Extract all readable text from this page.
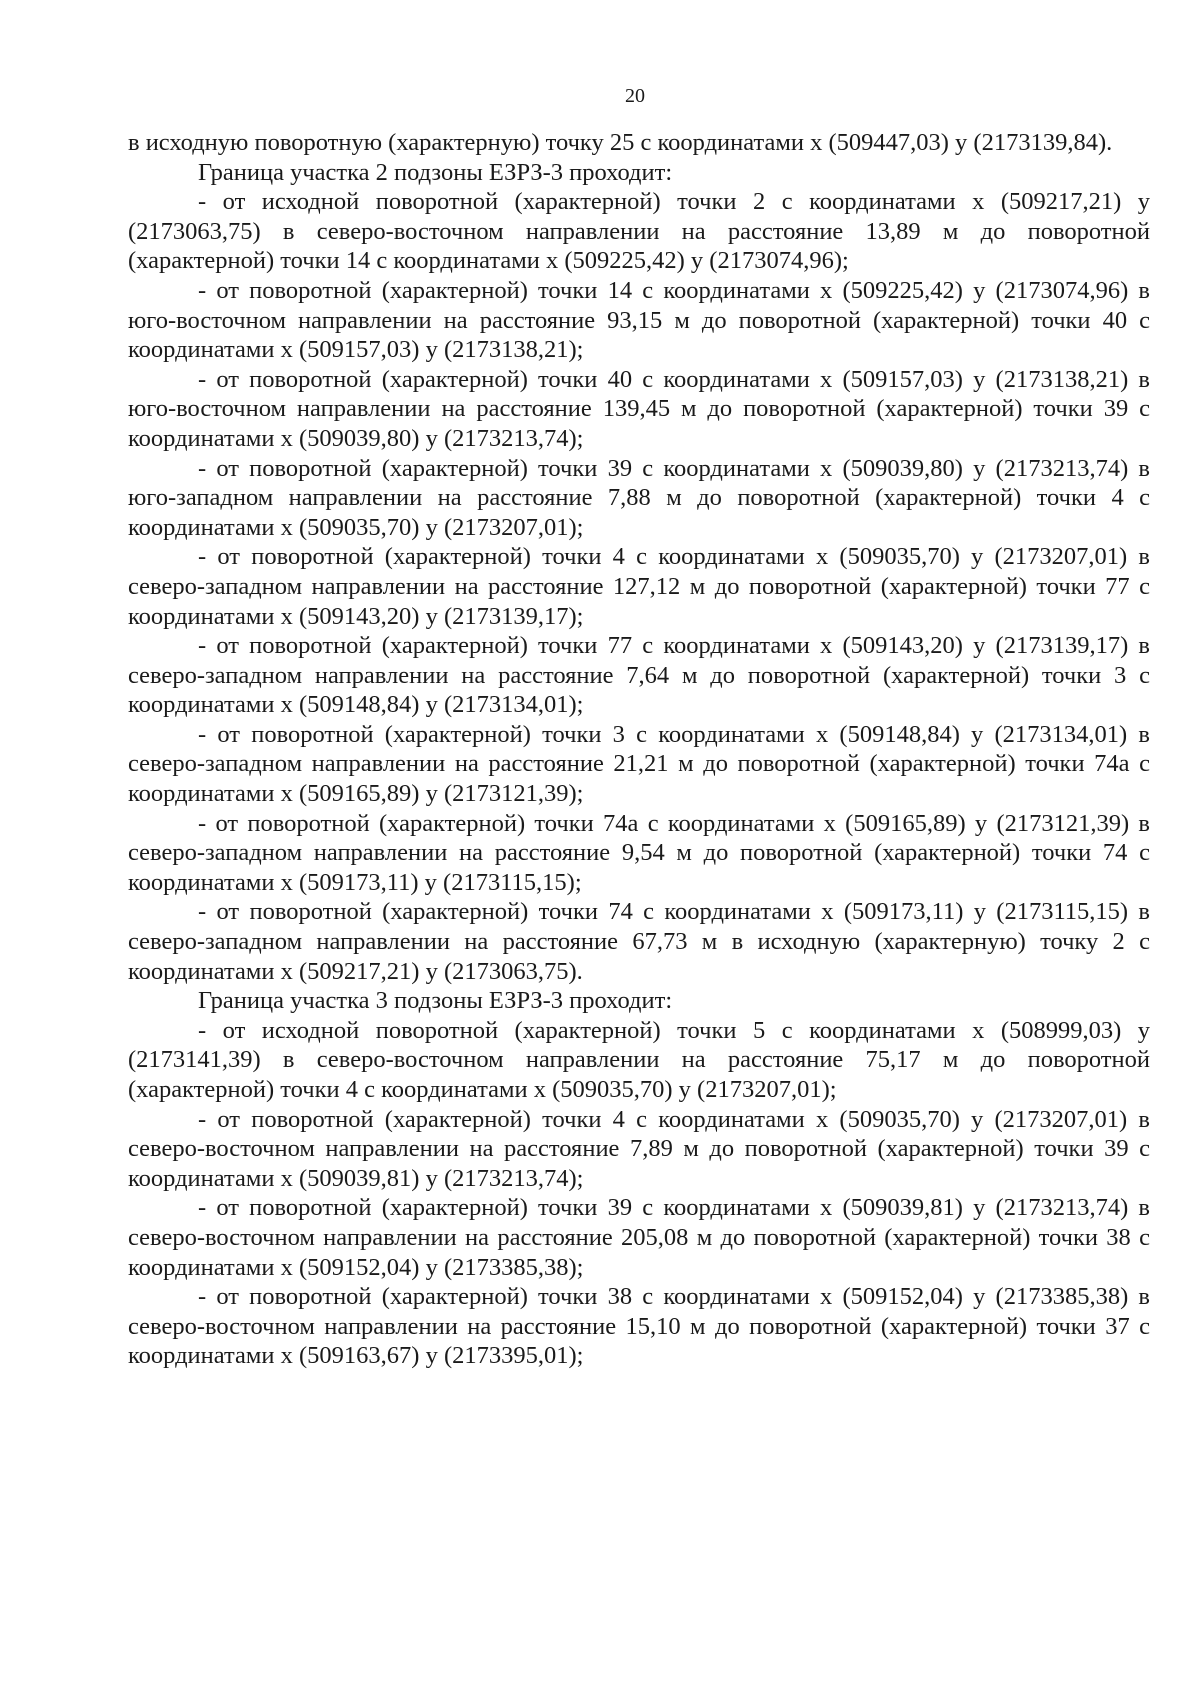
20

в исходную поворотную (характерную) точку 25 с координатами x (509447,03) y (2173139,84).

Граница участка 2 подзоны ЕЗРЗ-3 проходит:

- от исходной поворотной (характерной) точки 2 с координатами x (509217,21) y (2173063,75) в северо-восточном направлении на расстояние 13,89 м до поворотной (характерной) точки 14 с координатами x (509225,42) y (2173074,96);

- от поворотной (характерной) точки 14 с координатами x (509225,42) y (2173074,96) в юго-восточном направлении на расстояние 93,15 м до поворотной (характерной) точки 40 с координатами x (509157,03) y (2173138,21);

- от поворотной (характерной) точки 40 с координатами x (509157,03) y (2173138,21) в юго-восточном направлении на расстояние 139,45 м до поворотной (характерной) точки 39 с координатами x (509039,80) y (2173213,74);

- от поворотной (характерной) точки 39 с координатами x (509039,80) y (2173213,74) в юго-западном направлении на расстояние 7,88 м до поворотной (характерной) точки 4 с координатами x (509035,70) y (2173207,01);

- от поворотной (характерной) точки 4 с координатами x (509035,70) y (2173207,01) в северо-западном направлении на расстояние 127,12 м до поворотной (характерной) точки 77 с координатами x (509143,20) y (2173139,17);

- от поворотной (характерной) точки 77 с координатами x (509143,20) y (2173139,17) в северо-западном направлении на расстояние 7,64 м до поворотной (характерной) точки 3 с координатами x (509148,84) y (2173134,01);

- от поворотной (характерной) точки 3 с координатами x (509148,84) y (2173134,01) в северо-западном направлении на расстояние 21,21 м до поворотной (характерной) точки 74а с координатами x (509165,89) y (2173121,39);

- от поворотной (характерной) точки 74а с координатами x (509165,89) y (2173121,39) в северо-западном направлении на расстояние 9,54 м до поворотной (характерной) точки 74 с координатами x (509173,11) y (2173115,15);

- от поворотной (характерной) точки 74 с координатами x (509173,11) y (2173115,15) в северо-западном направлении на расстояние 67,73 м в исходную (характерную) точку 2 с координатами x (509217,21) y (2173063,75).

Граница участка 3 подзоны ЕЗРЗ-3 проходит:

- от исходной поворотной (характерной) точки 5 с координатами x (508999,03) y (2173141,39) в северо-восточном направлении на расстояние 75,17 м до поворотной (характерной) точки 4 с координатами x (509035,70) y (2173207,01);

- от поворотной (характерной) точки 4 с координатами x (509035,70) y (2173207,01) в северо-восточном направлении на расстояние 7,89 м до поворотной (характерной) точки 39 с координатами x (509039,81) y (2173213,74);

- от поворотной (характерной) точки 39 с координатами x (509039,81) y (2173213,74) в северо-восточном направлении на расстояние 205,08 м до поворотной (характерной) точки 38 с координатами x (509152,04) y (2173385,38);

- от поворотной (характерной) точки 38 с координатами x (509152,04) y (2173385,38) в северо-восточном направлении на расстояние 15,10 м до поворотной (характерной) точки 37 с координатами x (509163,67) y (2173395,01);
